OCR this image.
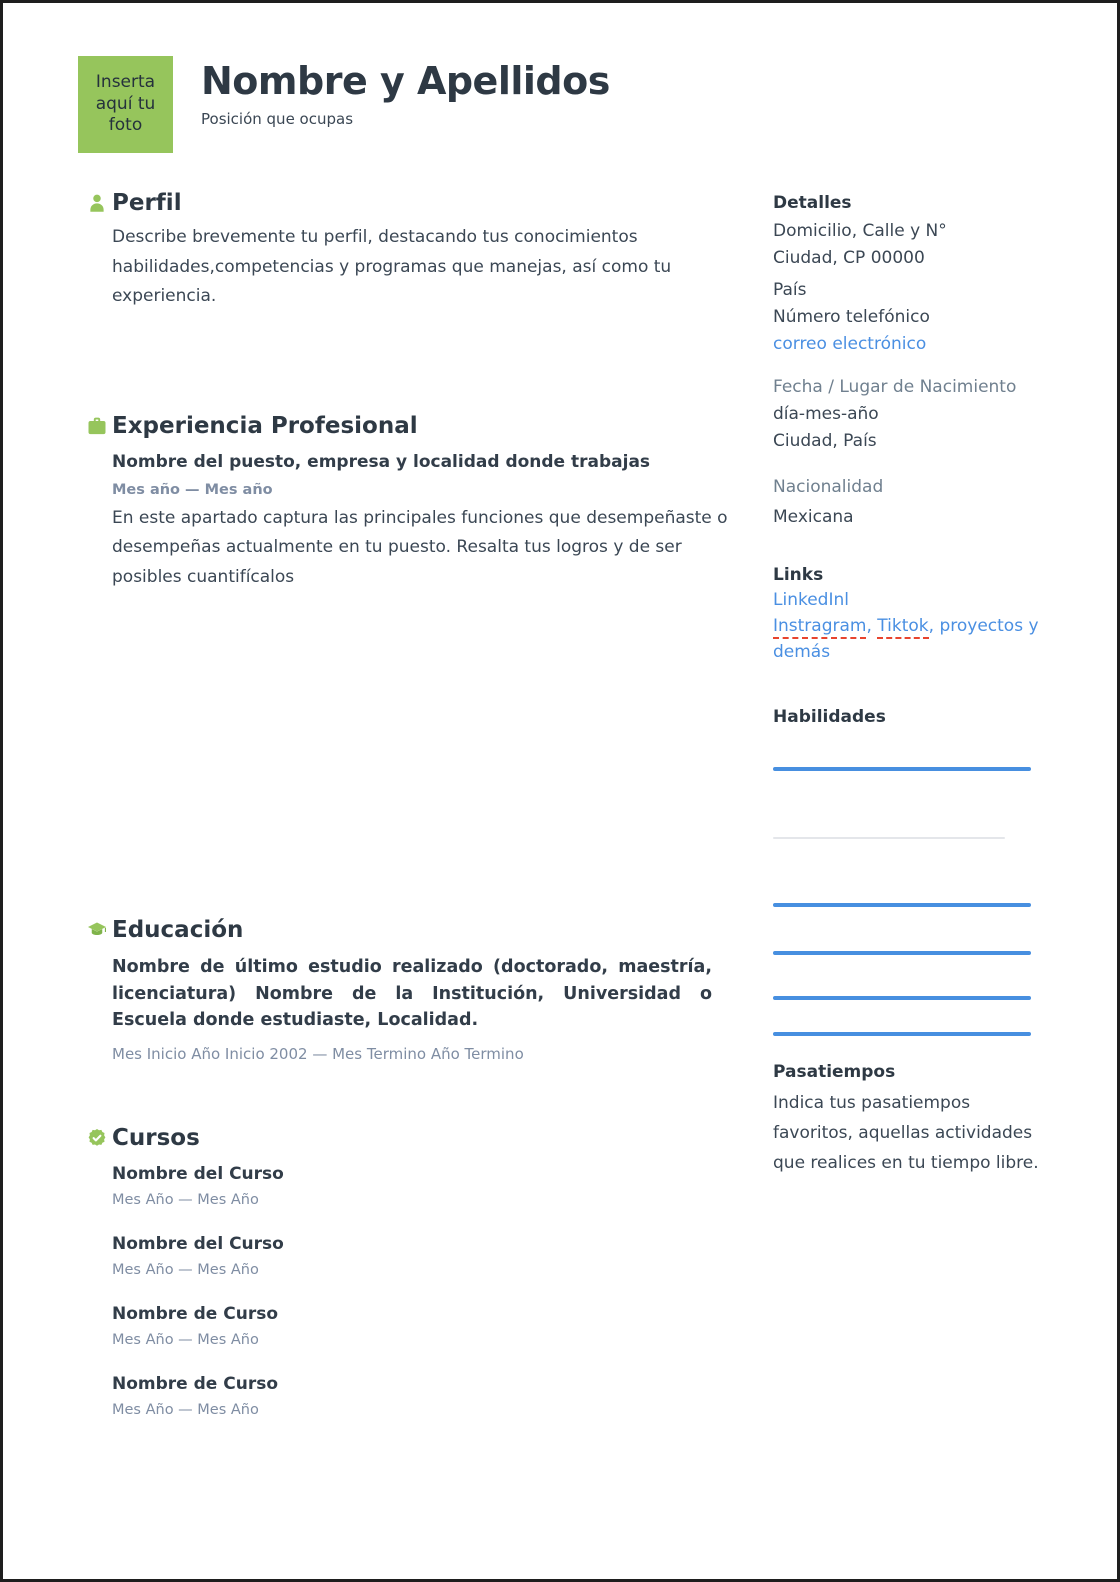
Inserta aquí tu foto
Nombre y Apellidos
Posición que ocupas
Perfil

Describe brevemente tu perfil, destacando tus conocimientos habilidades,competencias y programas que manejas, así como tu experiencia.

Experiencia Profesional
Nombre del puesto, empresa y localidad donde trabajas
Mes año — Mes año

En este apartado captura las principales funciones que desempeñaste o desempeñas actualmente en tu puesto. Resalta tus logros y de ser posibles cuantifícalos

Educación
Nombre de último estudio realizado (doctorado, maestría, licenciatura) Nombre de la Institución, Universidad o Escuela donde estudiaste, Localidad.
Mes Inicio Año Inicio 2002 — Mes Termino Año Termino
Cursos
Nombre del Curso
Mes Año — Mes Año
Nombre del Curso
Mes Año — Mes Año
Nombre de Curso
Mes Año — Mes Año
Nombre de Curso
Mes Año — Mes Año
Detalles
Domicilio, Calle y N°
Ciudad, CP 00000
País
Número telefónico
correo electrónico
Fecha / Lugar de Nacimiento
día-mes-año
Ciudad, País
Nacionalidad
Mexicana
Links
LinkedInl
Instragram, Tiktok, proyectos y demás
Habilidades
Pasatiempos

Indica tus pasatiempos favoritos, aquellas actividades que realices en tu tiempo libre.
